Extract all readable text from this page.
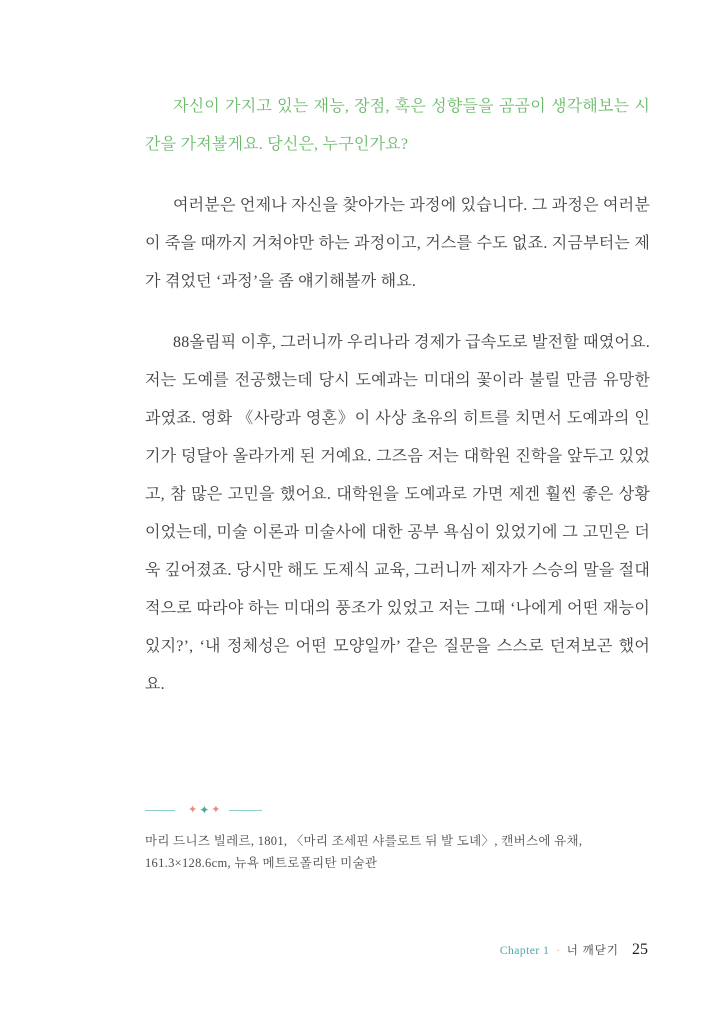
자신이 가지고 있는 재능, 장점, 혹은 성향들을 곰곰이 생각해보는 시간을 가져볼게요. 당신은, 누구인가요?

여러분은 언제나 자신을 찾아가는 과정에 있습니다. 그 과정은 여러분이 죽을 때까지 거쳐야만 하는 과정이고, 거스를 수도 없죠. 지금부터는 제가 겪었던 ‘과정’을 좀 얘기해볼까 해요.

88올림픽 이후, 그러니까 우리나라 경제가 급속도로 발전할 때였어요. 저는 도예를 전공했는데 당시 도예과는 미대의 꽃이라 불릴 만큼 유망한 과였죠. 영화 《사랑과 영혼》이 사상 초유의 히트를 치면서 도예과의 인기가 덩달아 올라가게 된 거예요. 그즈음 저는 대학원 진학을 앞두고 있었고, 참 많은 고민을 했어요. 대학원을 도예과로 가면 제겐 훨씬 좋은 상황이었는데, 미술 이론과 미술사에 대한 공부 욕심이 있었기에 그 고민은 더욱 깊어졌죠. 당시만 해도 도제식 교육, 그러니까 제자가 스승의 말을 절대적으로 따라야 하는 미대의 풍조가 있었고 저는 그때 ‘나에게 어떤 재능이 있지?’, ‘내 정체성은 어떤 모양일까’ 같은 질문을 스스로 던져보곤 했어요.

✦ ✦ ✦
마리 드니즈 빌레르, 1801, 〈마리 조세핀 샤를로트 뒤 발 도녜〉, 캔버스에 유채,
161.3×128.6cm, 뉴욕 메트로폴리탄 미술관
Chapter 1 · 너 깨닫기 25
